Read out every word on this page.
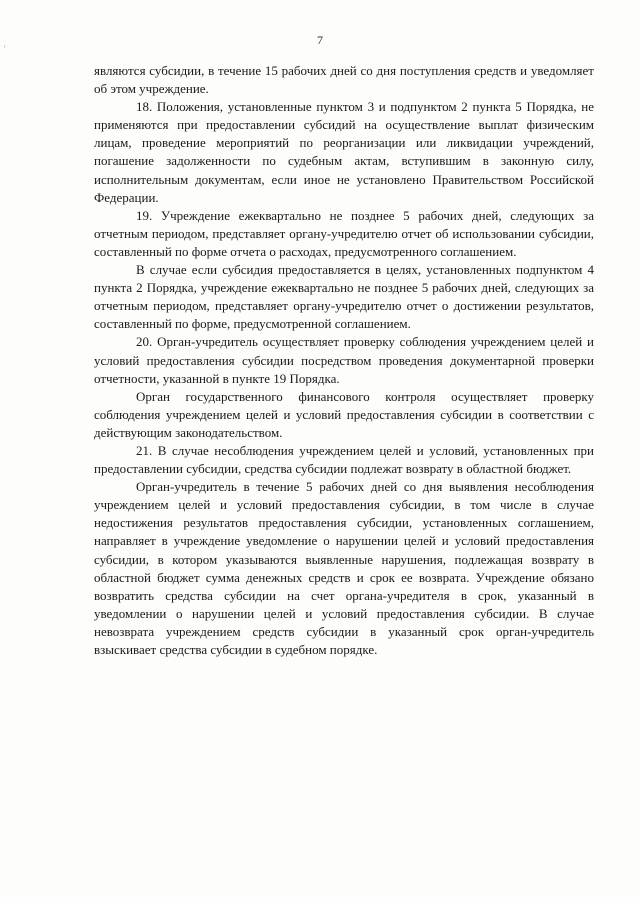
7
'

являются субсидии, в течение 15 рабочих дней со дня поступления средств и уведомляет об этом учреждение.

18. Положения, установленные пунктом 3 и подпунктом 2 пункта 5 Порядка, не применяются при предоставлении субсидий на осуществление выплат физическим лицам, проведение мероприятий по реорганизации или ликвидации учреждений, погашение задолженности по судебным актам, вступившим в законную силу, исполнительным документам, если иное не установлено Правительством Российской Федерации.

19. Учреждение ежеквартально не позднее 5 рабочих дней, следующих за отчетным периодом, представляет органу-учредителю отчет об использовании субсидии, составленный по форме отчета о расходах, предусмотренного соглашением.

В случае если субсидия предоставляется в целях, установленных подпунктом 4 пункта 2 Порядка, учреждение ежеквартально не позднее 5 рабочих дней, следующих за отчетным периодом, представляет органу-учредителю отчет о достижении результатов, составленный по форме, предусмотренной соглашением.

20. Орган-учредитель осуществляет проверку соблюдения учреждением целей и условий предоставления субсидии посредством проведения документарной проверки отчетности, указанной в пункте 19 Порядка.

Орган государственного финансового контроля осуществляет проверку соблюдения учреждением целей и условий предоставления субсидии в соответствии с действующим законодательством.

21. В случае несоблюдения учреждением целей и условий, установленных при предоставлении субсидии, средства субсидии подлежат возврату в областной бюджет.

Орган-учредитель в течение 5 рабочих дней со дня выявления несоблюдения учреждением целей и условий предоставления субсидии, в том числе в случае недостижения результатов предоставления субсидии, установленных соглашением, направляет в учреждение уведомление о нарушении целей и условий предоставления субсидии, в котором указываются выявленные нарушения, подлежащая возврату в областной бюджет сумма денежных средств и срок ее возврата. Учреждение обязано возвратить средства субсидии на счет органа-учредителя в срок, указанный в уведомлении о нарушении целей и условий предоставления субсидии. В случае невозврата учреждением средств субсидии в указанный срок орган-учредитель взыскивает средства субсидии в судебном порядке.
